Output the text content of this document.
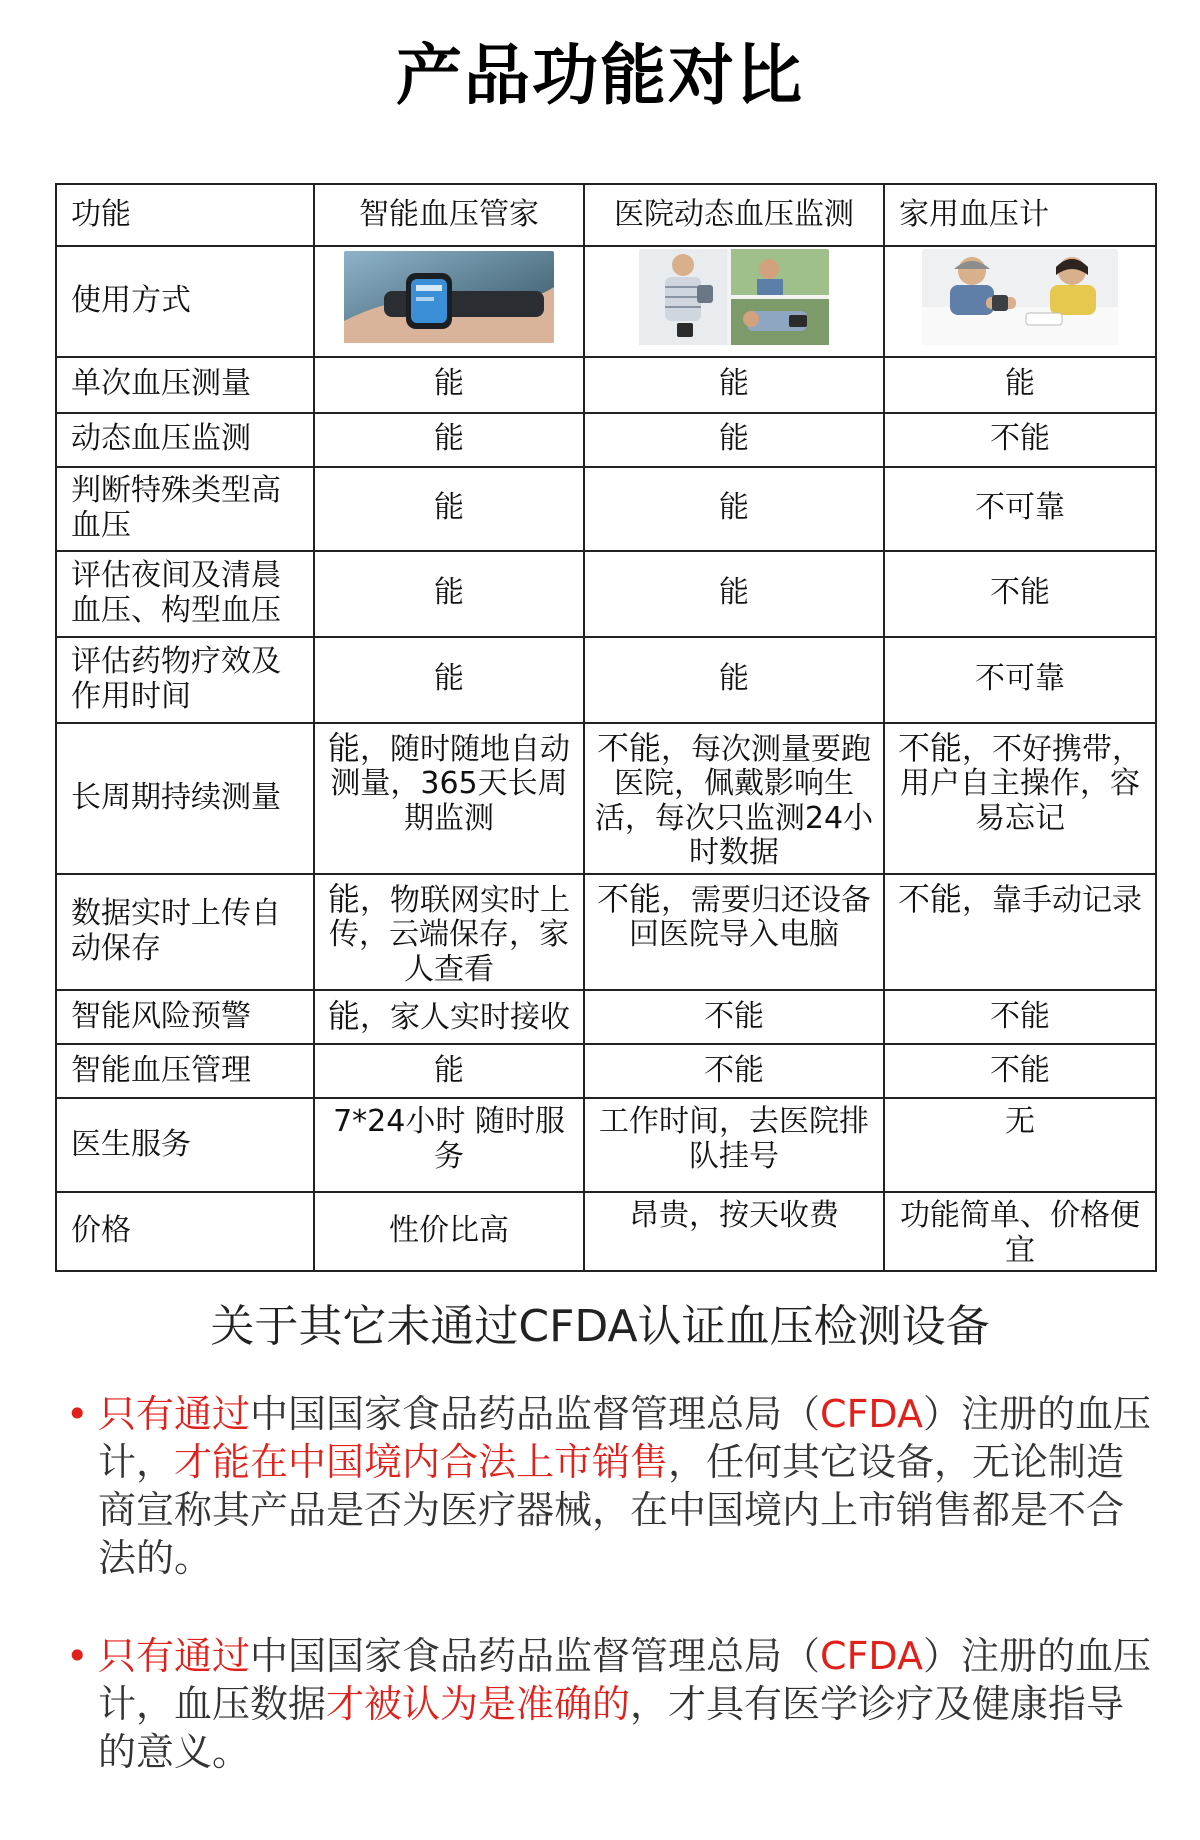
产品功能对比
功能	智能血压管家	医院动态血压监测	家用血压计
使用方式			
单次血压测量	能	能	能
动态血压监测	能	能	不能
判断特殊类型高血压	能	能	不可靠
评估夜间及清晨血压、构型血压	能	能	不能
评估药物疗效及作用时间	能	能	不可靠
长周期持续测量	能，随时随地自动测量，365天长周期监测	不能，每次测量要跑医院，佩戴影响生活，每次只监测24小时数据	不能，不好携带，用户自主操作，容易忘记
数据实时上传自动保存	能，物联网实时上传，云端保存，家人查看	不能，需要归还设备回医院导入电脑	不能，靠手动记录
智能风险预警	能，家人实时接收	不能	不能
智能血压管理	能	不能	不能
医生服务	7*24小时 随时服务	工作时间，去医院排队挂号	无
价格	性价比高	昂贵，按天收费	功能简单、价格便宜
关于其它未通过CFDA认证血压检测设备
• 只有通过中国国家食品药品监督管理总局（CFDA）注册的血压计，才能在中国境内合法上市销售，任何其它设备，无论制造商宣称其产品是否为医疗器械，在中国境内上市销售都是不合法的。
• 只有通过中国国家食品药品监督管理总局（CFDA）注册的血压计，血压数据才被认为是准确的，才具有医学诊疗及健康指导的意义。
